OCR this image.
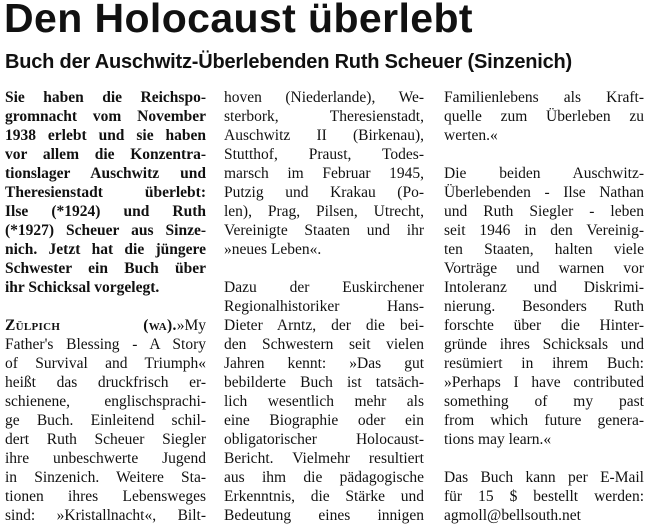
Den Holocaust überlebt
Buch der Auschwitz-Überlebenden Ruth Scheuer (Sinzenich)
Sie haben die Reichspo-
gromnacht vom November
1938 erlebt und sie haben
vor allem die Konzentra-
tionslager Auschwitz und
Theresienstadt überlebt:
Ilse (*1924) und Ruth
(*1927) Scheuer aus Sinze-
nich. Jetzt hat die jüngere
Schwester ein Buch über
ihr Schicksal vorgelegt.
Zülpich (wa).»My
Father's Blessing - A Story
of Survival and Triumph«
heißt das druckfrisch er-
schienene, englischsprachi-
ge Buch. Einleitend schil-
dert Ruth Scheuer Siegler
ihre unbeschwerte Jugend
in Sinzenich. Weitere Sta-
tionen ihres Lebensweges
sind: »Kristallnacht«, Bilt-
hoven (Niederlande), We-
sterbork, Theresienstadt,
Auschwitz II (Birkenau),
Stutthof, Praust, Todes-
marsch im Februar 1945,
Putzig und Krakau (Po-
len), Prag, Pilsen, Utrecht,
Vereinigte Staaten und ihr
»neues Leben«.
Dazu der Euskirchener
Regionalhistoriker Hans-
Dieter Arntz, der die bei-
den Schwestern seit vielen
Jahren kennt: »Das gut
bebilderte Buch ist tatsäch-
lich wesentlich mehr als
eine Biographie oder ein
obligatorischer Holocaust-
Bericht. Vielmehr resultiert
aus ihm die pädagogische
Erkenntnis, die Stärke und
Bedeutung eines innigen
Familienlebens als Kraft-
quelle zum Überleben zu
werten.«
Die beiden Auschwitz-
Überlebenden - Ilse Nathan
und Ruth Siegler - leben
seit 1946 in den Vereinig-
ten Staaten, halten viele
Vorträge und warnen vor
Intoleranz und Diskrimi-
nierung. Besonders Ruth
forschte über die Hinter-
gründe ihres Schicksals und
resümiert in ihrem Buch:
»Perhaps I have contributed
something of my past
from which future genera-
tions may learn.«
Das Buch kann per E-Mail
für 15 $ bestellt werden:
agmoll@bellsouth.net
